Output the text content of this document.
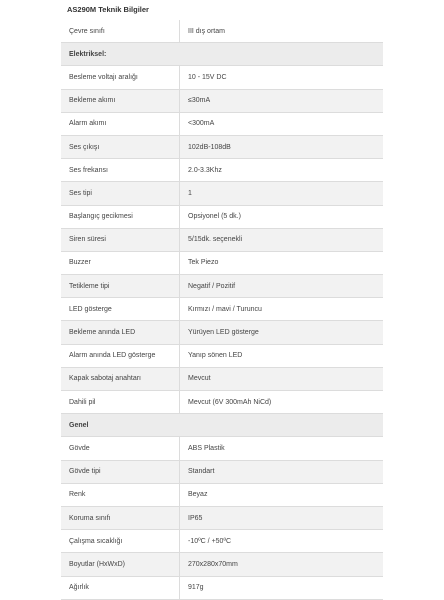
AS290M Teknik Bilgiler
Çevre sınıfı	III dış ortam
Elektriksel:	
Besleme voltajı aralığı	10 - 15V DC
Bekleme akımı	≤30mA
Alarm akımı	<300mA
Ses çıkışı	102dB-108dB
Ses frekansı	2.0-3.3Khz
Ses tipi	1
Başlangıç gecikmesi	Opsiyonel (5 dk.)
Siren süresi	5/15dk. seçenekli
Buzzer	Tek Piezo
Tetikleme tipi	Negatif / Pozitif
LED gösterge	Kırmızı / mavi / Turuncu
Bekleme anında LED	Yürüyen LED gösterge
Alarm anında LED gösterge	Yanıp sönen LED
Kapak sabotaj anahtarı	Mevcut
Dahili pil	Mevcut (6V 300mAh NiCd)
Genel	
Gövde	ABS Plastik
Gövde tipi	Standart
Renk	Beyaz
Koruma sınıfı	IP65
Çalışma sıcaklığı	-10ºC / +50ºC
Boyutlar (HxWxD)	270x280x70mm
Ağırlık	917g
